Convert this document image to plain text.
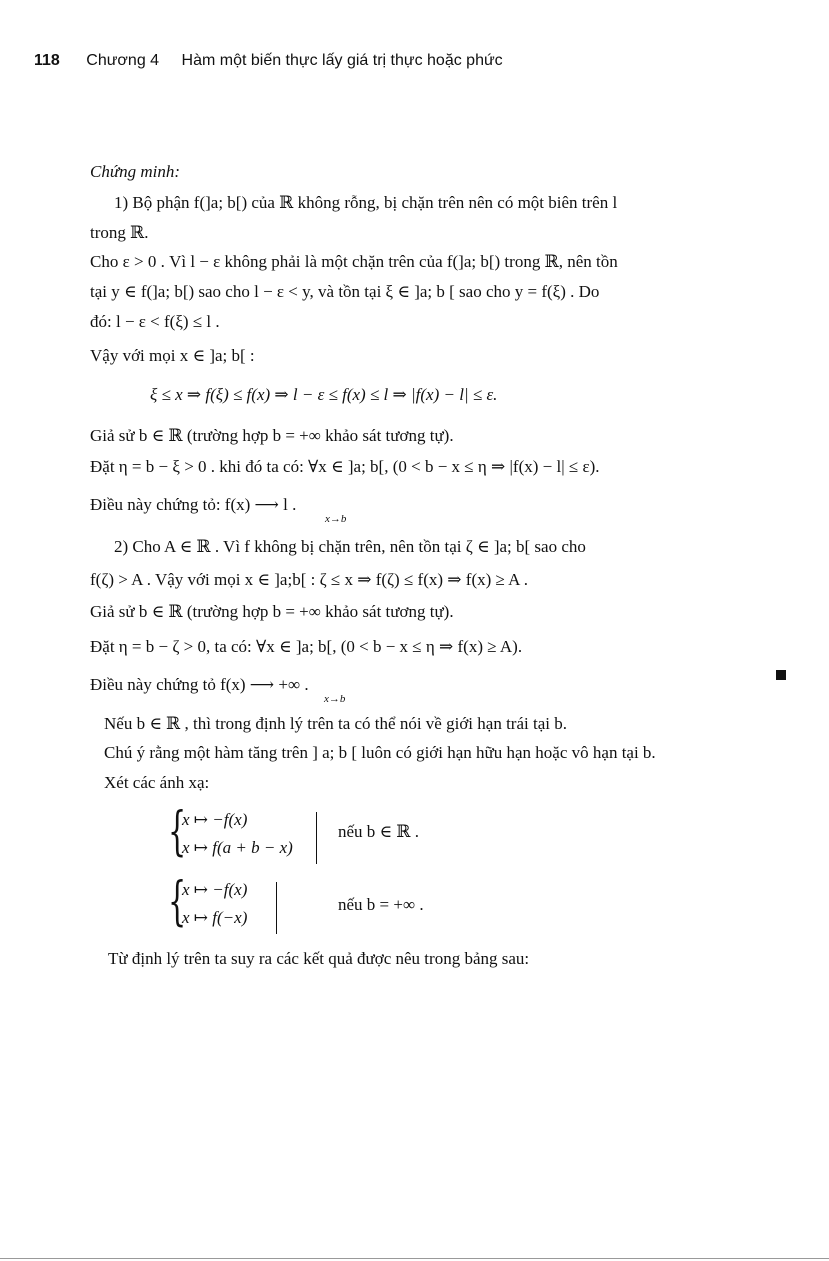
118 Chương 4 Hàm một biến thực lấy giá trị thực hoặc phức
Chứng minh:
1) Bộ phận f(]a; b[) của ℝ không rỗng, bị chặn trên nên có một biên trên l
trong ℝ.
Cho ε > 0 . Vì l − ε không phải là một chặn trên của f(]a; b[) trong ℝ, nên tồn
tại y ∈ f(]a; b[) sao cho l − ε < y, và tồn tại ξ ∈ ]a; b [ sao cho y = f(ξ) . Do
đó: l − ε < f(ξ) ≤ l .
Vậy với mọi x ∈ ]a; b[ :
ξ ≤ x ⇒ f(ξ) ≤ f(x) ⇒ l − ε ≤ f(x) ≤ l ⇒ |f(x) − l| ≤ ε.
Giả sử b ∈ ℝ (trường hợp b = +∞ khảo sát tương tự).
Đặt η = b − ξ > 0 . khi đó ta có: ∀x ∈ ]a; b[, (0 < b − x ≤ η ⇒ |f(x) − l| ≤ ε).
Điều này chứng tỏ: f(x) ⟶ l .
x→b
2) Cho A ∈ ℝ . Vì f không bị chặn trên, nên tồn tại ζ ∈ ]a; b[ sao cho
f(ζ) > A . Vậy với mọi x ∈ ]a;b[ : ζ ≤ x ⇒ f(ζ) ≤ f(x) ⇒ f(x) ≥ A .
Giả sử b ∈ ℝ (trường hợp b = +∞ khảo sát tương tự).
Đặt η = b − ζ > 0, ta có: ∀x ∈ ]a; b[, (0 < b − x ≤ η ⇒ f(x) ≥ A).
Điều này chứng tỏ f(x) ⟶ +∞ .
x→b
Nếu b ∈ ℝ , thì trong định lý trên ta có thể nói về giới hạn trái tại b.
Chú ý rằng một hàm tăng trên ] a; b [ luôn có giới hạn hữu hạn hoặc vô hạn tại b.
Xét các ánh xạ:
{
x ↦ −f(x)
x ↦ f(a + b − x)
nếu b ∈ ℝ .
{
x ↦ −f(x)
x ↦ f(−x)
nếu b = +∞ .
Từ định lý trên ta suy ra các kết quả được nêu trong bảng sau:
